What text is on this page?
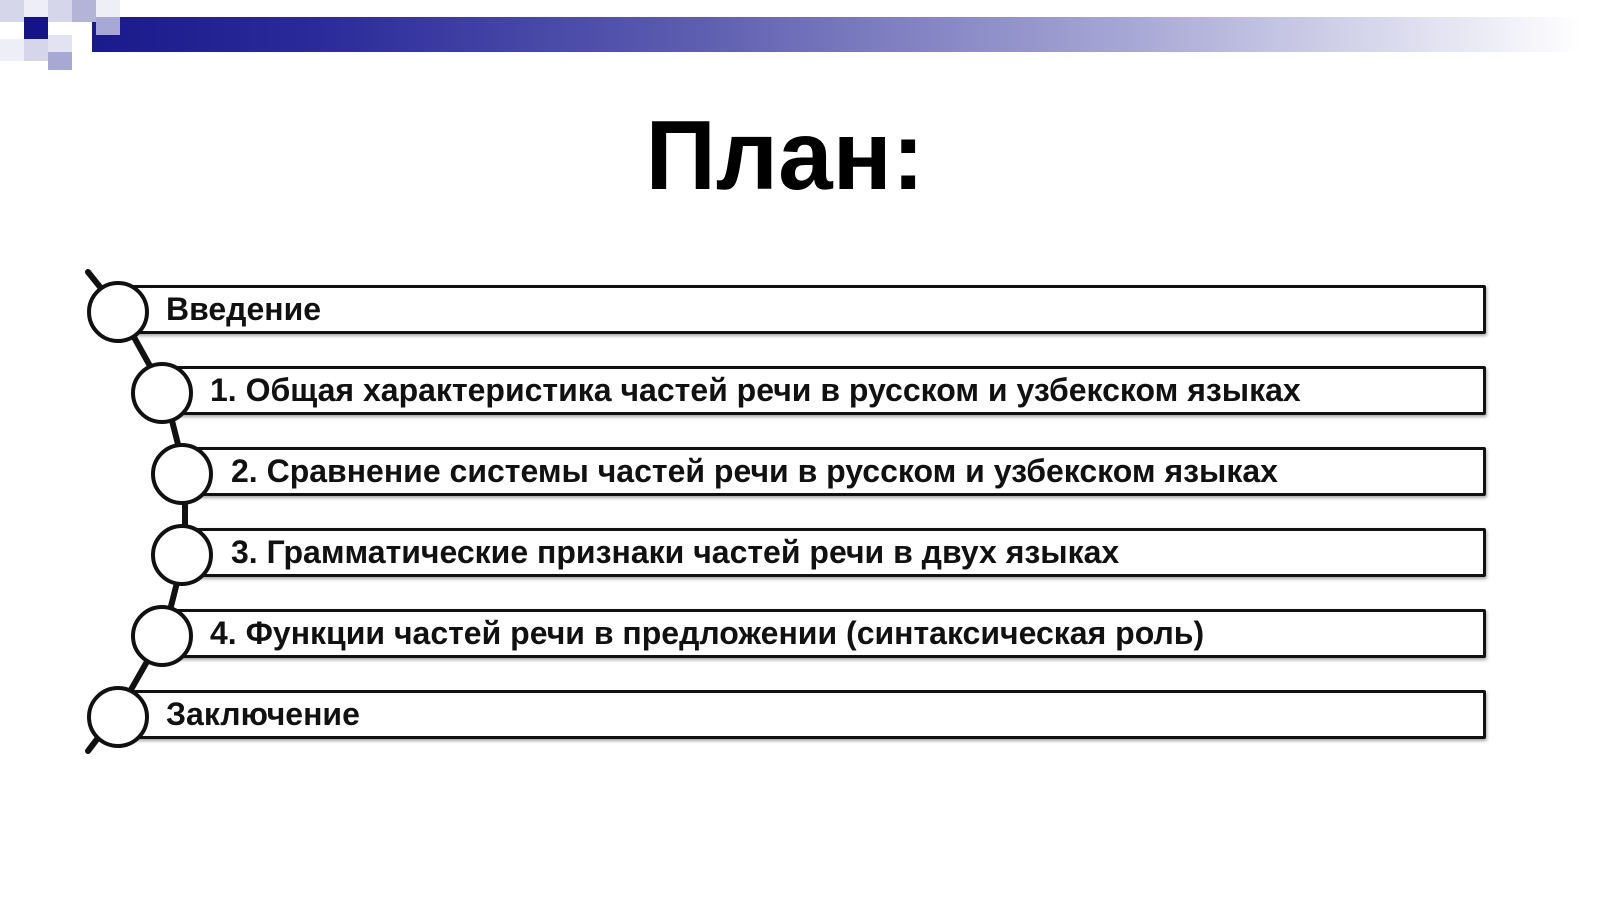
План:
Введение
1. Общая характеристика частей речи в русском и узбекском языках
2. Сравнение системы частей речи в русском и узбекском языках
3. Грамматические признаки частей речи в двух языках
4. Функции частей речи в предложении (синтаксическая роль)
Заключение
